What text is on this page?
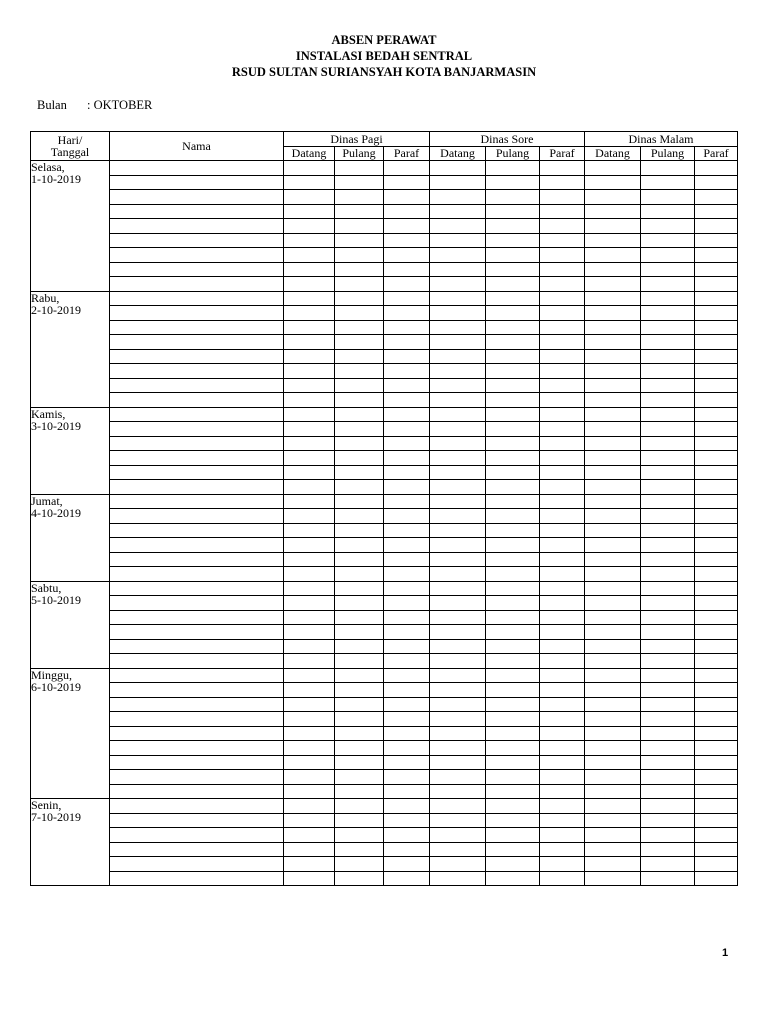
ABSEN PERAWAT
INSTALASI BEDAH SENTRAL
RSUD SULTAN SURIANSYAH KOTA BANJARMASIN
Bulan : OKTOBER
Hari/
Tanggal	Nama	Dinas Pagi			Dinas Sore			Dinas Malam		
		Datang	Pulang	Paraf	Datang	Pulang	Paraf	Datang	Pulang	Paraf
Selasa,
1-10-2019										

Rabu,
2-10-2019										

Kamis,
3-10-2019										

Jumat,
4-10-2019										

Sabtu,
5-10-2019										

Minggu,
6-10-2019										

Senin,
7-10-2019										

1
